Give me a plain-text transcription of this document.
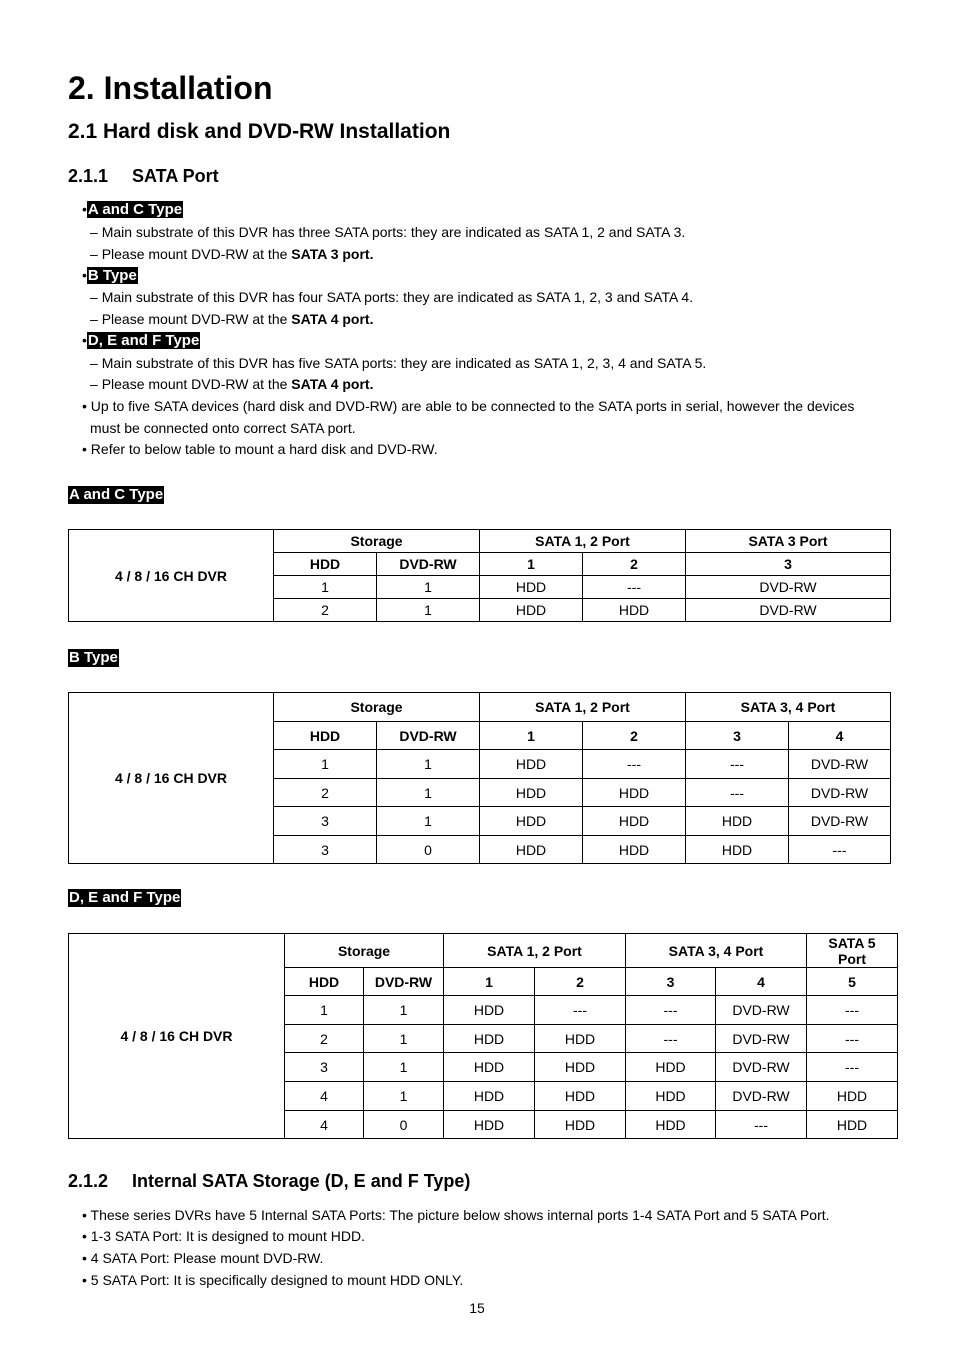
2. Installation
2.1 Hard disk and DVD-RW Installation
2.1.1 SATA Port
•A and C Type
– Main substrate of this DVR has three SATA ports: they are indicated as SATA 1, 2 and SATA 3.
– Please mount DVD-RW at the SATA 3 port.
•B Type
– Main substrate of this DVR has four SATA ports: they are indicated as SATA 1, 2, 3 and SATA 4.
– Please mount DVD-RW at the SATA 4 port.
•D, E and F Type
– Main substrate of this DVR has five SATA ports: they are indicated as SATA 1, 2, 3, 4 and SATA 5.
– Please mount DVD-RW at the SATA 4 port.
• Up to five SATA devices (hard disk and DVD-RW) are able to be connected to the SATA ports in serial, however the devices
must be connected onto correct SATA port.
• Refer to below table to mount a hard disk and DVD-RW.
A and C Type
4 / 8 / 16 CH DVR	Storage		SATA 1, 2 Port		SATA 3 Port
	HDD	DVD-RW	1	2	3
	1	1	HDD	---	DVD-RW
	2	1	HDD	HDD	DVD-RW
B Type
4 / 8 / 16 CH DVR	Storage		SATA 1, 2 Port		SATA 3, 4 Port	
	HDD	DVD-RW	1	2	3	4
	1	1	HDD	---	---	DVD-RW
	2	1	HDD	HDD	---	DVD-RW
	3	1	HDD	HDD	HDD	DVD-RW
	3	0	HDD	HDD	HDD	---
D, E and F Type
4 / 8 / 16 CH DVR	Storage		SATA 1, 2 Port		SATA 3, 4 Port		SATA 5
Port
	HDD	DVD-RW	1	2	3	4	5
	1	1	HDD	---	---	DVD-RW	---
	2	1	HDD	HDD	---	DVD-RW	---
	3	1	HDD	HDD	HDD	DVD-RW	---
	4	1	HDD	HDD	HDD	DVD-RW	HDD
	4	0	HDD	HDD	HDD	---	HDD
2.1.2 Internal SATA Storage (D, E and F Type)
• These series DVRs have 5 Internal SATA Ports: The picture below shows internal ports 1-4 SATA Port and 5 SATA Port.
• 1-3 SATA Port: It is designed to mount HDD.
• 4 SATA Port: Please mount DVD-RW.
• 5 SATA Port: It is specifically designed to mount HDD ONLY.
15
